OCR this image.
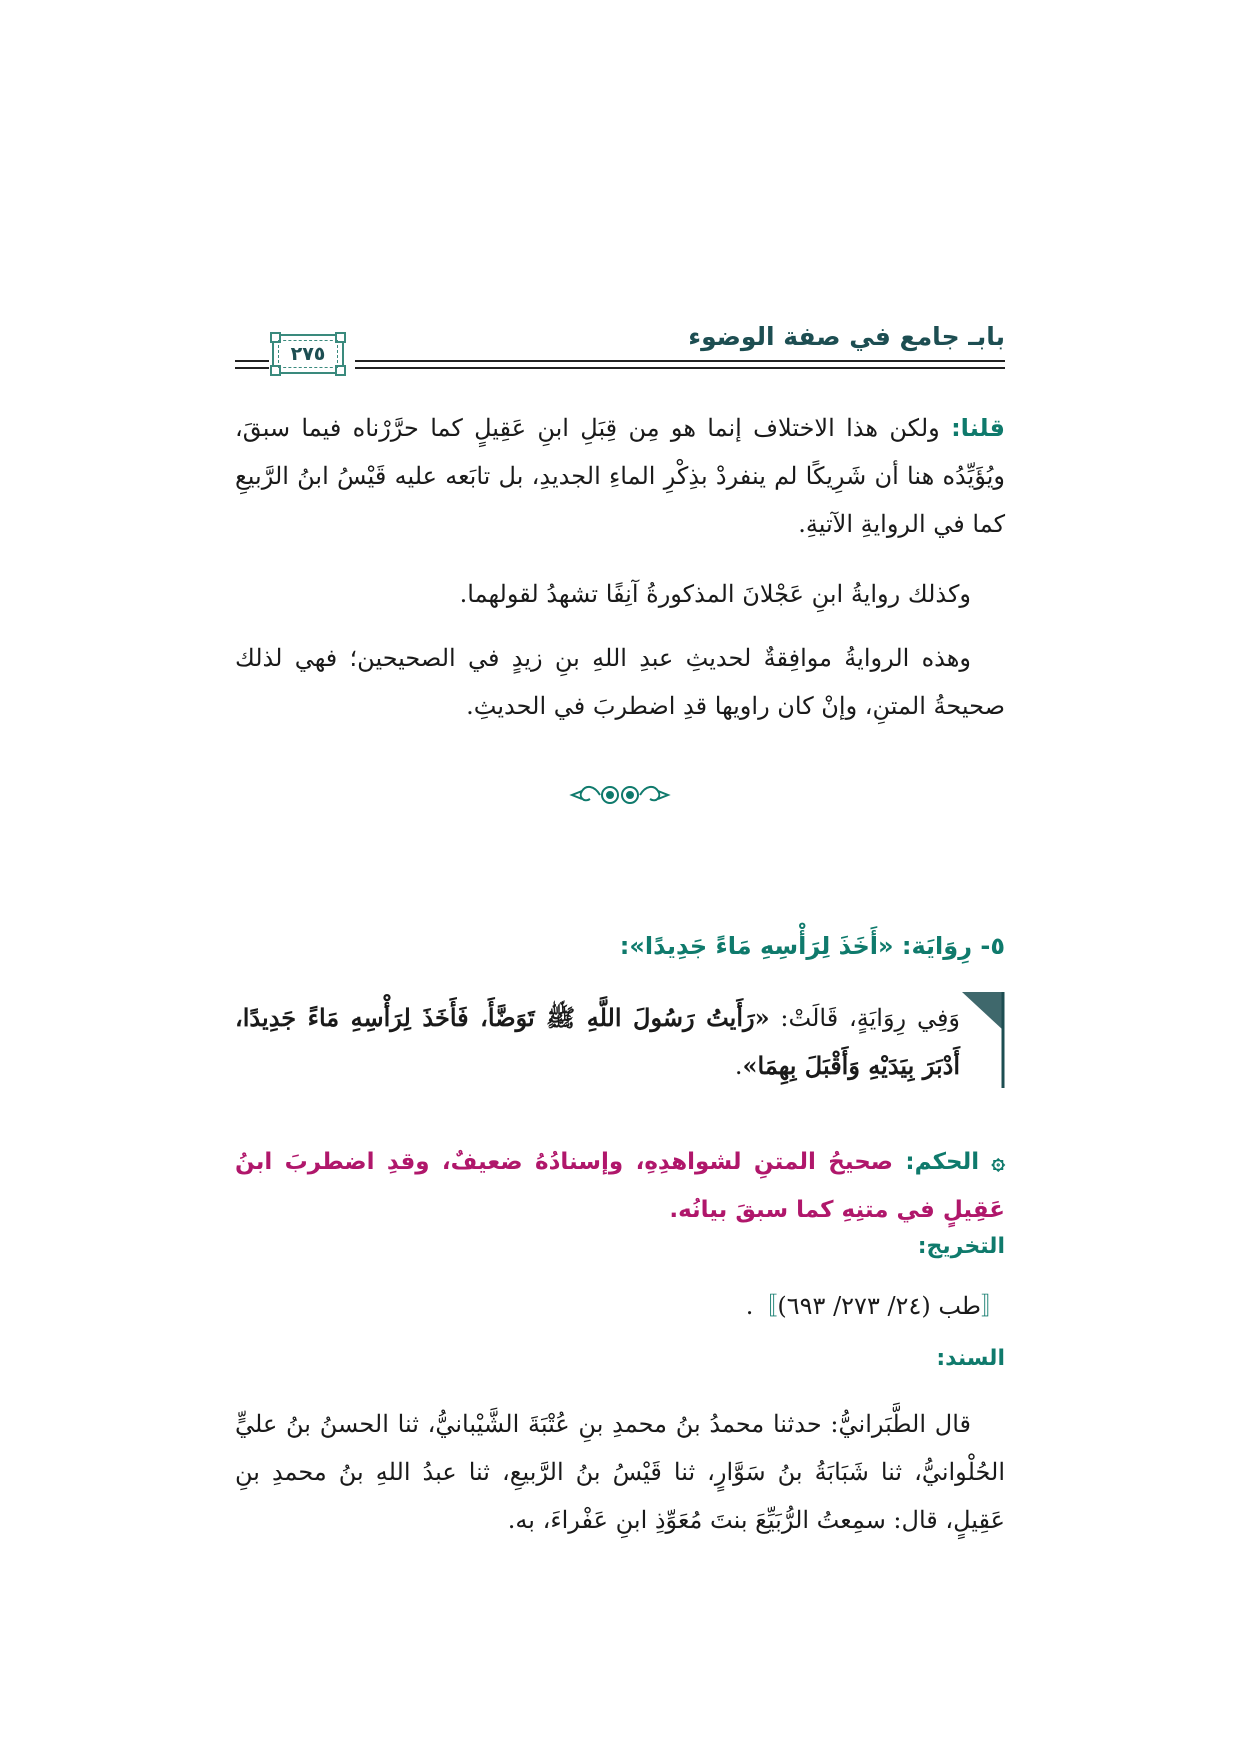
بابـ جامع في صفة الوضوء
٢٧٥

قلنا: ولكن هذا الاختلاف إنما هو مِن قِبَلِ ابنِ عَقِيلٍ كما حرَّرْناه فيما سبقَ، ويُؤَيِّدُه هنا أن شَرِيكًا لم ينفردْ بذِكْرِ الماءِ الجديدِ، بل تابَعه عليه قَيْسُ ابنُ الرَّبيعِ كما في الروايةِ الآتيةِ.

وكذلك روايةُ ابنِ عَجْلانَ المذكورةُ آنِفًا تشهدُ لقولهما.

وهذه الروايةُ موافِقةٌ لحديثِ عبدِ اللهِ بنِ زيدٍ في الصحيحين؛ فهي لذلك صحيحةُ المتنِ، وإنْ كان راويها قدِ اضطربَ في الحديثِ.

٥- رِوَايَة: «أَخَذَ لِرَأْسِهِ مَاءً جَدِيدًا»:
وَفِي رِوَايَةٍ، قَالَتْ: «رَأَيتُ رَسُولَ اللَّهِ ﷺ تَوَضَّأَ، فَأَخَذَ لِرَأْسِهِ مَاءً جَدِيدًا، أَدْبَرَ بِيَدَيْهِ وَأَقْبَلَ بِهِمَا».
۞ الحكم: صحيحُ المتنِ لشواهدِهِ، وإسنادُهُ ضعيفٌ، وقدِ اضطربَ ابنُ عَقِيلٍ في متنِهِ كما سبقَ بيانُه.
التخريج:
〚طب (٢٤/ ٢٧٣/ ٦٩٣)〛.
السند:

قال الطَّبَرانيُّ: حدثنا محمدُ بنُ محمدِ بنِ عُتْبَةَ الشَّيْبانيُّ، ثنا الحسنُ بنُ عليٍّ الحُلْوانيُّ، ثنا شَبَابَةُ بنُ سَوَّارٍ، ثنا قَيْسُ بنُ الرَّبيعِ، ثنا عبدُ اللهِ بنُ محمدِ بنِ عَقِيلٍ، قال: سمِعتُ الرُّبَيِّعَ بنتَ مُعَوِّذِ ابنِ عَفْراءَ، به.
